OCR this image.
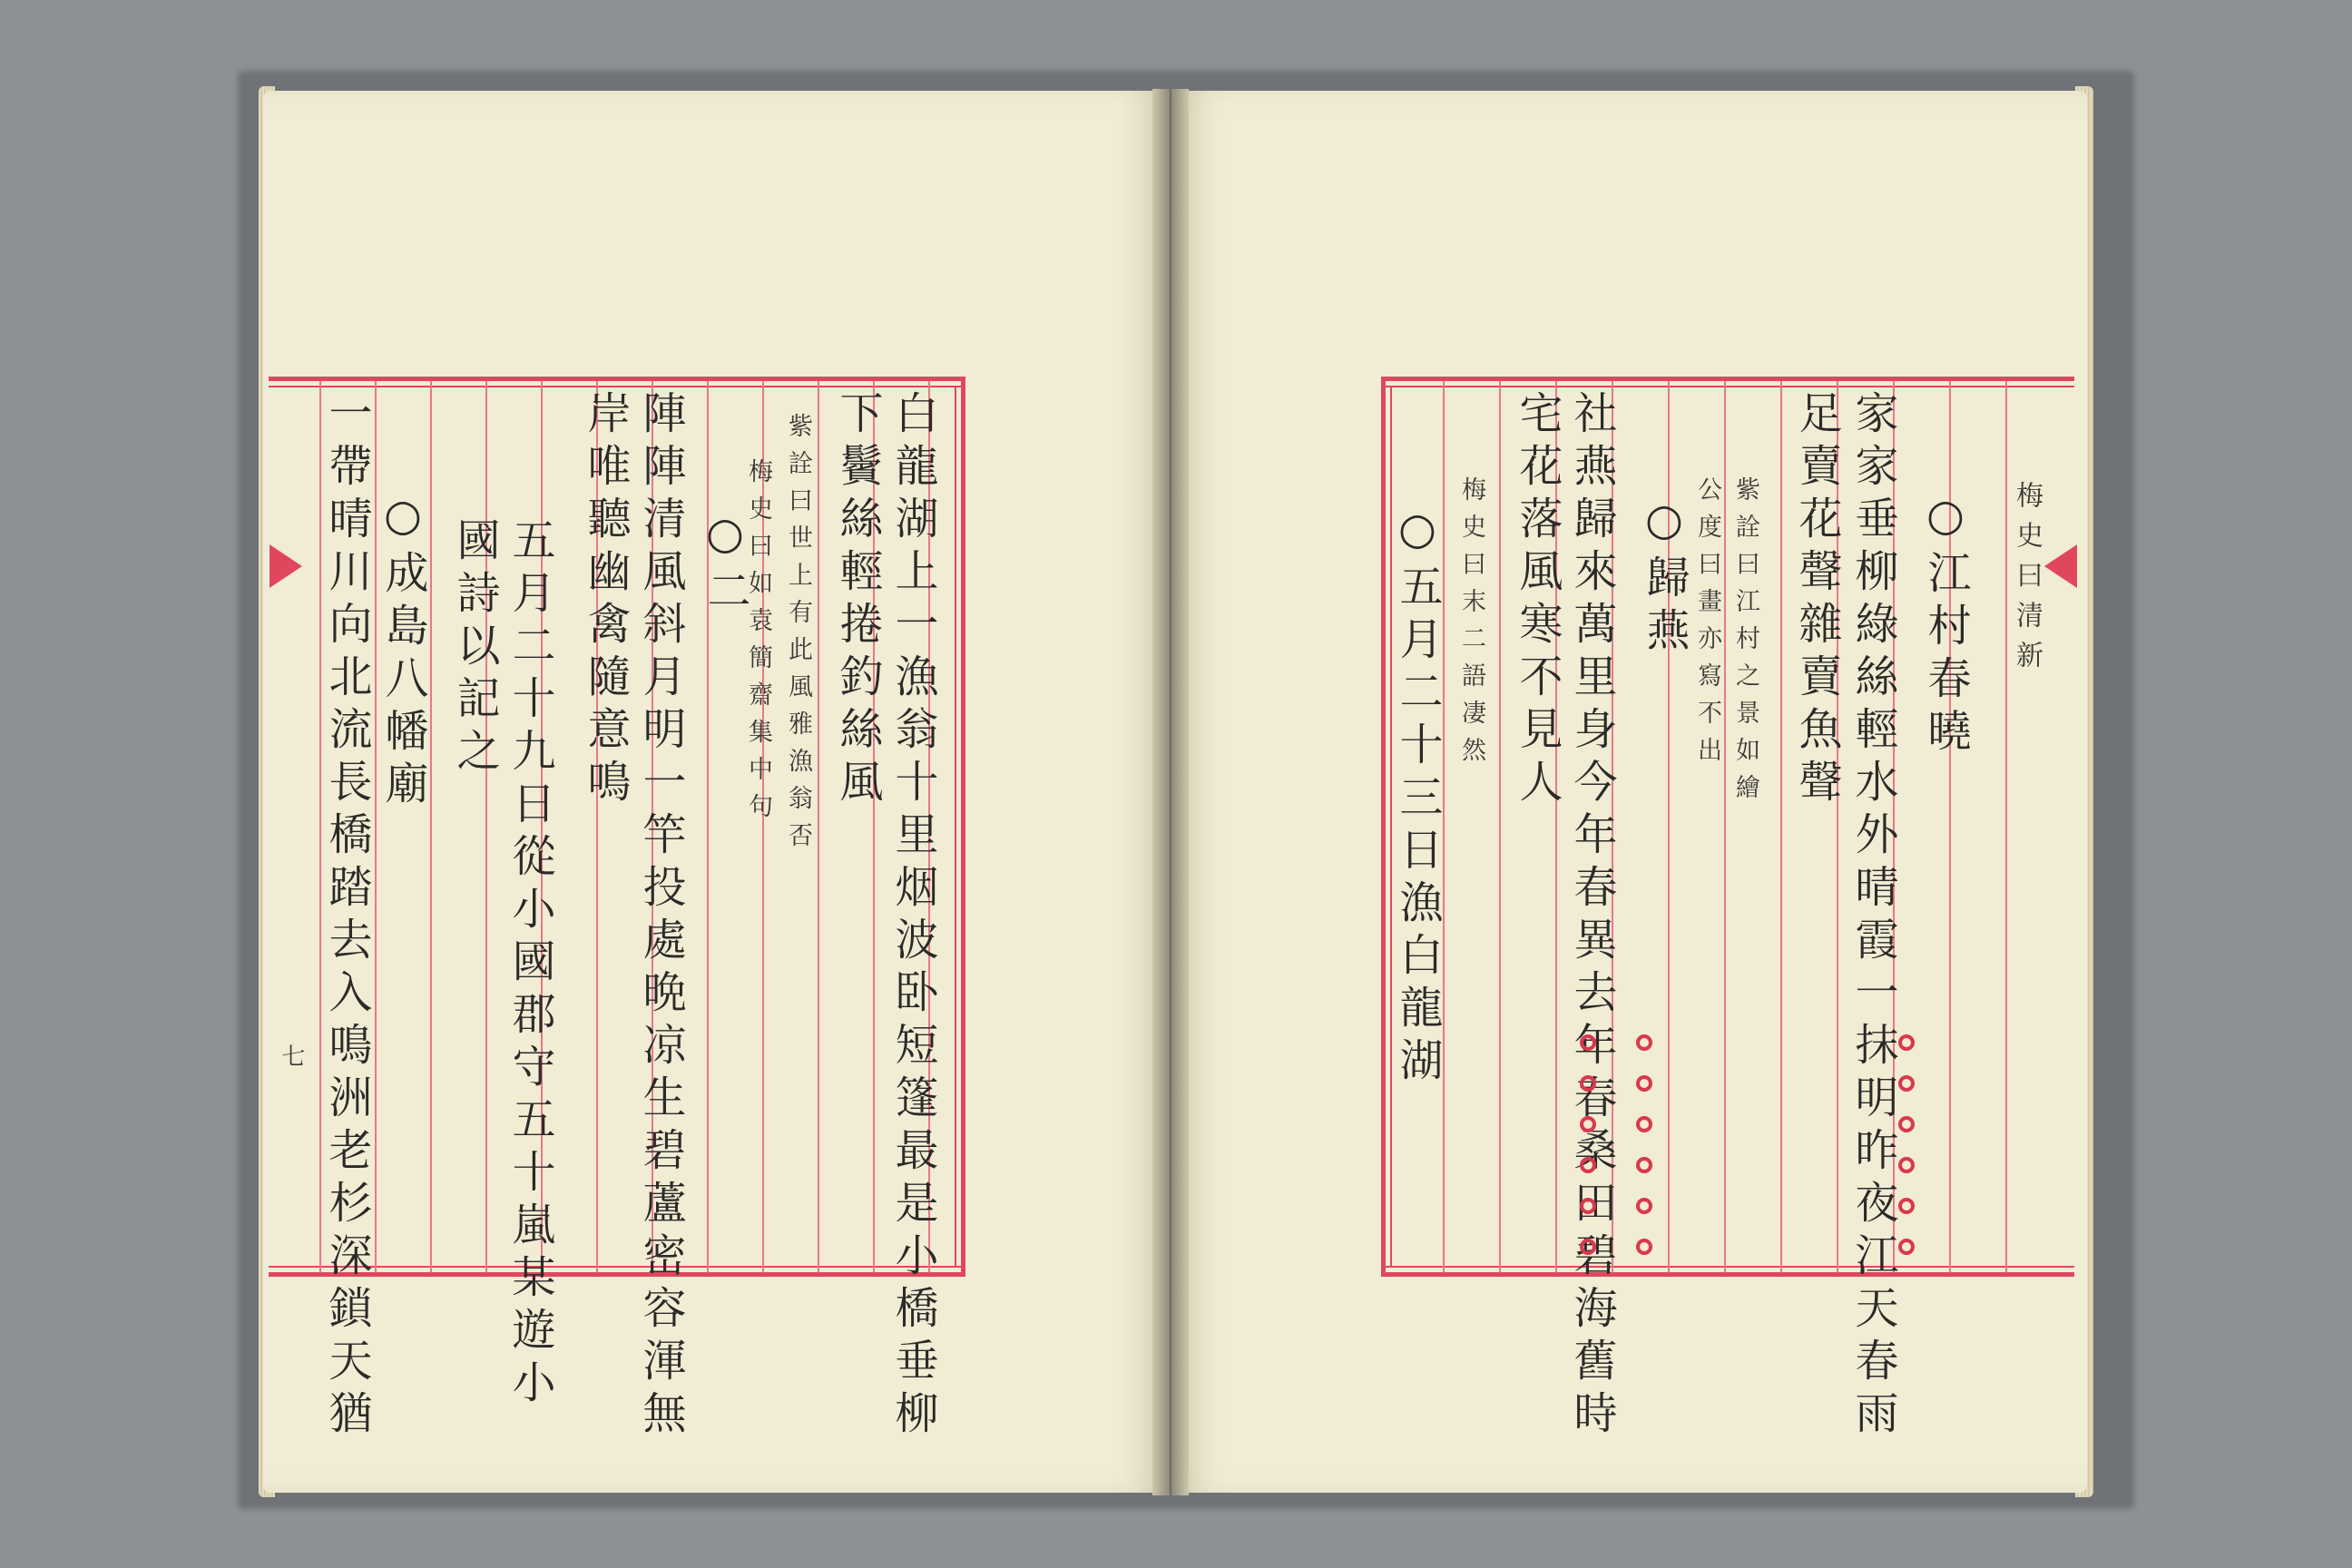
白龍湖上一漁翁十里烟波卧短篷最是小橋垂柳
下鬢絲輕捲釣絲風
紫詮曰世上有此風雅漁翁否
梅史曰如袁簡齋集中句
○二
陣陣清風斜月明一竿投處晩凉生碧蘆密容渾無
岸唯聽幽禽隨意鳴
五月二十九日從小國郡守五十嵐某遊小
國詩以記之
○成島八幡廟
一帶晴川向北流長橋踏去入鳴洲老杉深鎖天猶
七
梅史曰清新
○江村春曉
家家垂柳綠絲輕水外晴霞一抹明昨夜江天春雨
足賣花聲雜賣魚聲
紫詮曰江村之景如繪
公度曰畫亦寫不出
○歸燕
社燕歸來萬里身今年春異去年春桑田碧海舊時
宅花落風寒不見人
梅史曰末二語凄然
○五月二十三日漁白龍湖
